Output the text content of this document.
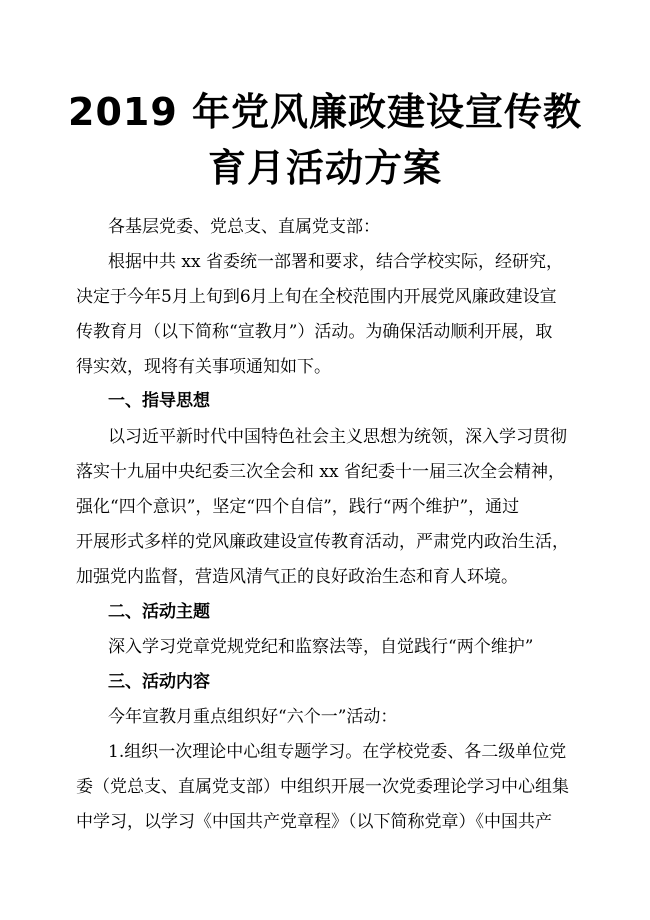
2019 年党风廉政建设宣传教
育月活动方案

各基层党委、党总支、直属党支部：

根据中共 xx 省委统一部署和要求，结合学校实际，经研究，

决定于今年5月上旬到6月上旬在全校范围内开展党风廉政建设宣

传教育月（以下简称“宣教月”）活动。为确保活动顺利开展，取

得实效，现将有关事项通知如下。

一、指导思想

以习近平新时代中国特色社会主义思想为统领，深入学习贯彻

落实十九届中央纪委三次全会和 xx 省纪委十一届三次全会精神，

强化“四个意识”，坚定“四个自信”，践行“两个维护”，通过

开展形式多样的党风廉政建设宣传教育活动，严肃党内政治生活，

加强党内监督，营造风清气正的良好政治生态和育人环境。

二、活动主题

深入学习党章党规党纪和监察法等，自觉践行“两个维护”

三、活动内容

今年宣教月重点组织好“六个一”活动：

1.组织一次理论中心组专题学习。在学校党委、各二级单位党

委（党总支、直属党支部）中组织开展一次党委理论学习中心组集

中学习，以学习《中国共产党章程》（以下简称党章）《中国共产
